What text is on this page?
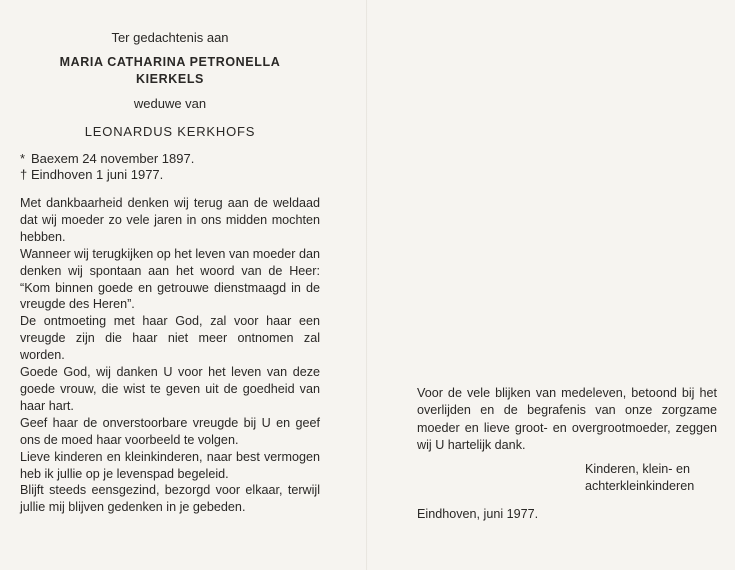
Ter gedachtenis aan
MARIA CATHARINA PETRONELLA
KIERKELS
weduwe van
LEONARDUS KERKHOFS
* Baexem 24 november 1897.
† Eindhoven 1 juni 1977.

Met dankbaarheid denken wij terug aan de weldaad dat wij moeder zo vele jaren in ons midden mochten hebben.

Wanneer wij terugkijken op het leven van moeder dan denken wij spontaan aan het woord van de Heer: “Kom binnen goede en getrouwe dienstmaagd in de vreugde des Heren”.

De ontmoeting met haar God, zal voor haar een vreugde zijn die haar niet meer ontnomen zal worden.

Goede God, wij danken U voor het leven van deze goede vrouw, die wist te geven uit de goedheid van haar hart.

Geef haar de onverstoorbare vreugde bij U en geef ons de moed haar voorbeeld te volgen.

Lieve kinderen en kleinkinderen, naar best vermogen heb ik jullie op je levenspad begeleid.

Blijft steeds eensgezind, bezorgd voor elkaar, terwijl jullie mij blijven gedenken in je gebeden.

Voor de vele blijken van medeleven, betoond bij het overlijden en de begrafenis van onze zorgzame moeder en lieve groot- en overgrootmoeder, zeggen wij U hartelijk dank.
Kinderen, klein- en
achterkleinkinderen
Eindhoven, juni 1977.
